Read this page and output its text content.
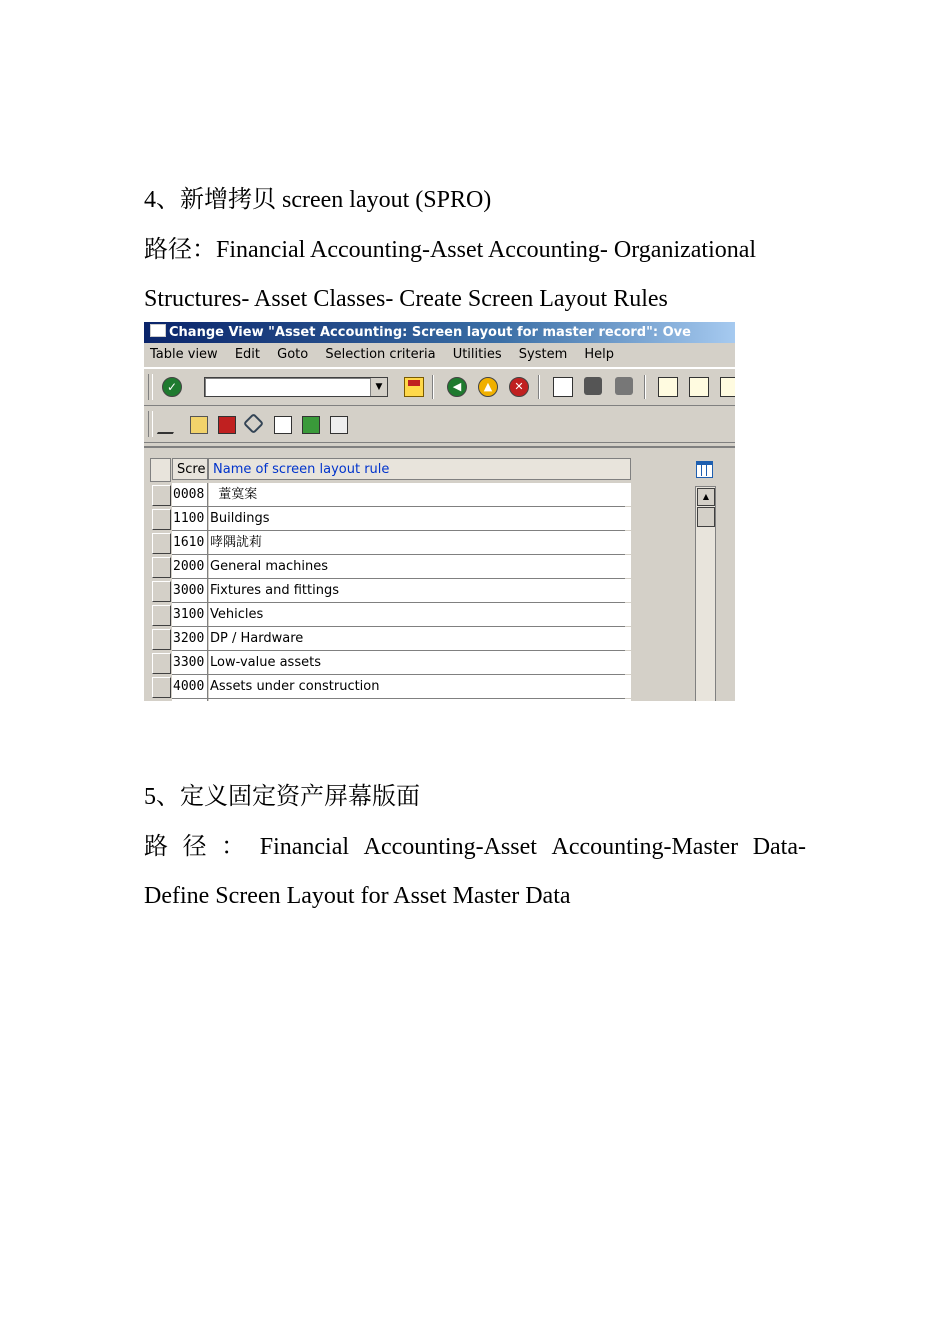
4、新增拷贝 screen layout (SPRO)
路径：Financial Accounting-Asset Accounting- Organizational
Structures- Asset Classes- Create Screen Layout Rules
Change View "Asset Accounting: Screen layout for master record": Ove
Table view Edit Goto Selection criteria Utilities System Help
✓	▼	◀	▲	✕
Scre Name of screen layout rule
0008 蕫寞案
1100 Buildings
1610 哮隅訧莉
2000 General machines
3000 Fixtures and fittings
3100 Vehicles
3200 DP / Hardware
3300 Low-value assets
4000 Assets under construction
▲
5、定义固定资产屏幕版面
路 径 ： Financial Accounting-Asset Accounting-Master Data-
Define Screen Layout for Asset Master Data
